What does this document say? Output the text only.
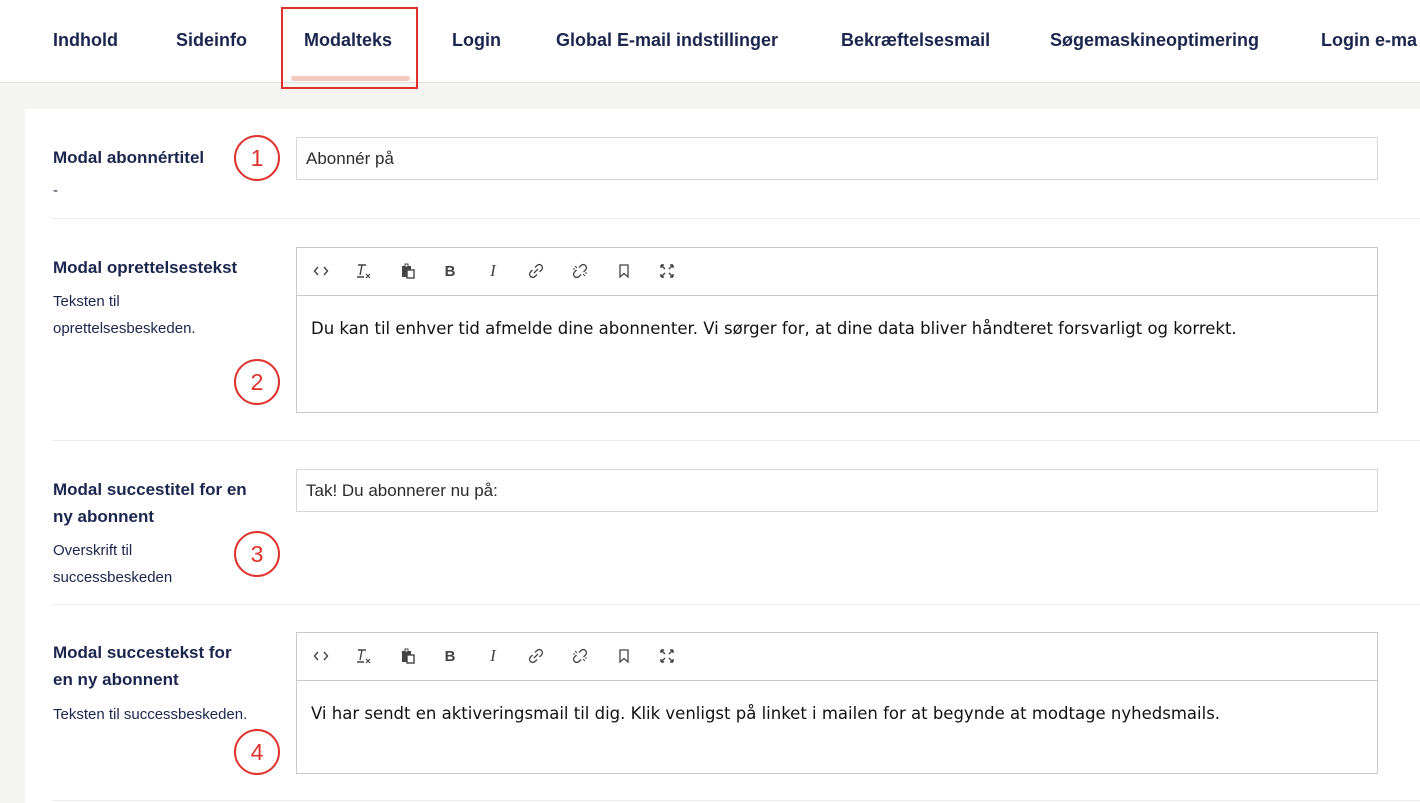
Indhold	Sideinfo	Modalteks	Login	Global E-mail indstillinger	Bekræftelsesmail	Søgemaskineoptimering	Login e-ma
Modal abonnértitel
-
1	Abonnér på
Modal oprettelsestekst
Teksten til oprettelsesbeskeden.
2
B	I
Du kan til enhver tid afmelde dine abonnenter. Vi sørger for, at dine data bliver håndteret forsvarligt og korrekt.
Modal succestitel for en ny abonnent
Overskrift til successbeskeden
3
Tak! Du abonnerer nu på:
Modal succestekst for en ny abonnent
Teksten til successbeskeden.
4
B	I
Vi har sendt en aktiveringsmail til dig. Klik venligst på linket i mailen for at begynde at modtage nyhedsmails.
